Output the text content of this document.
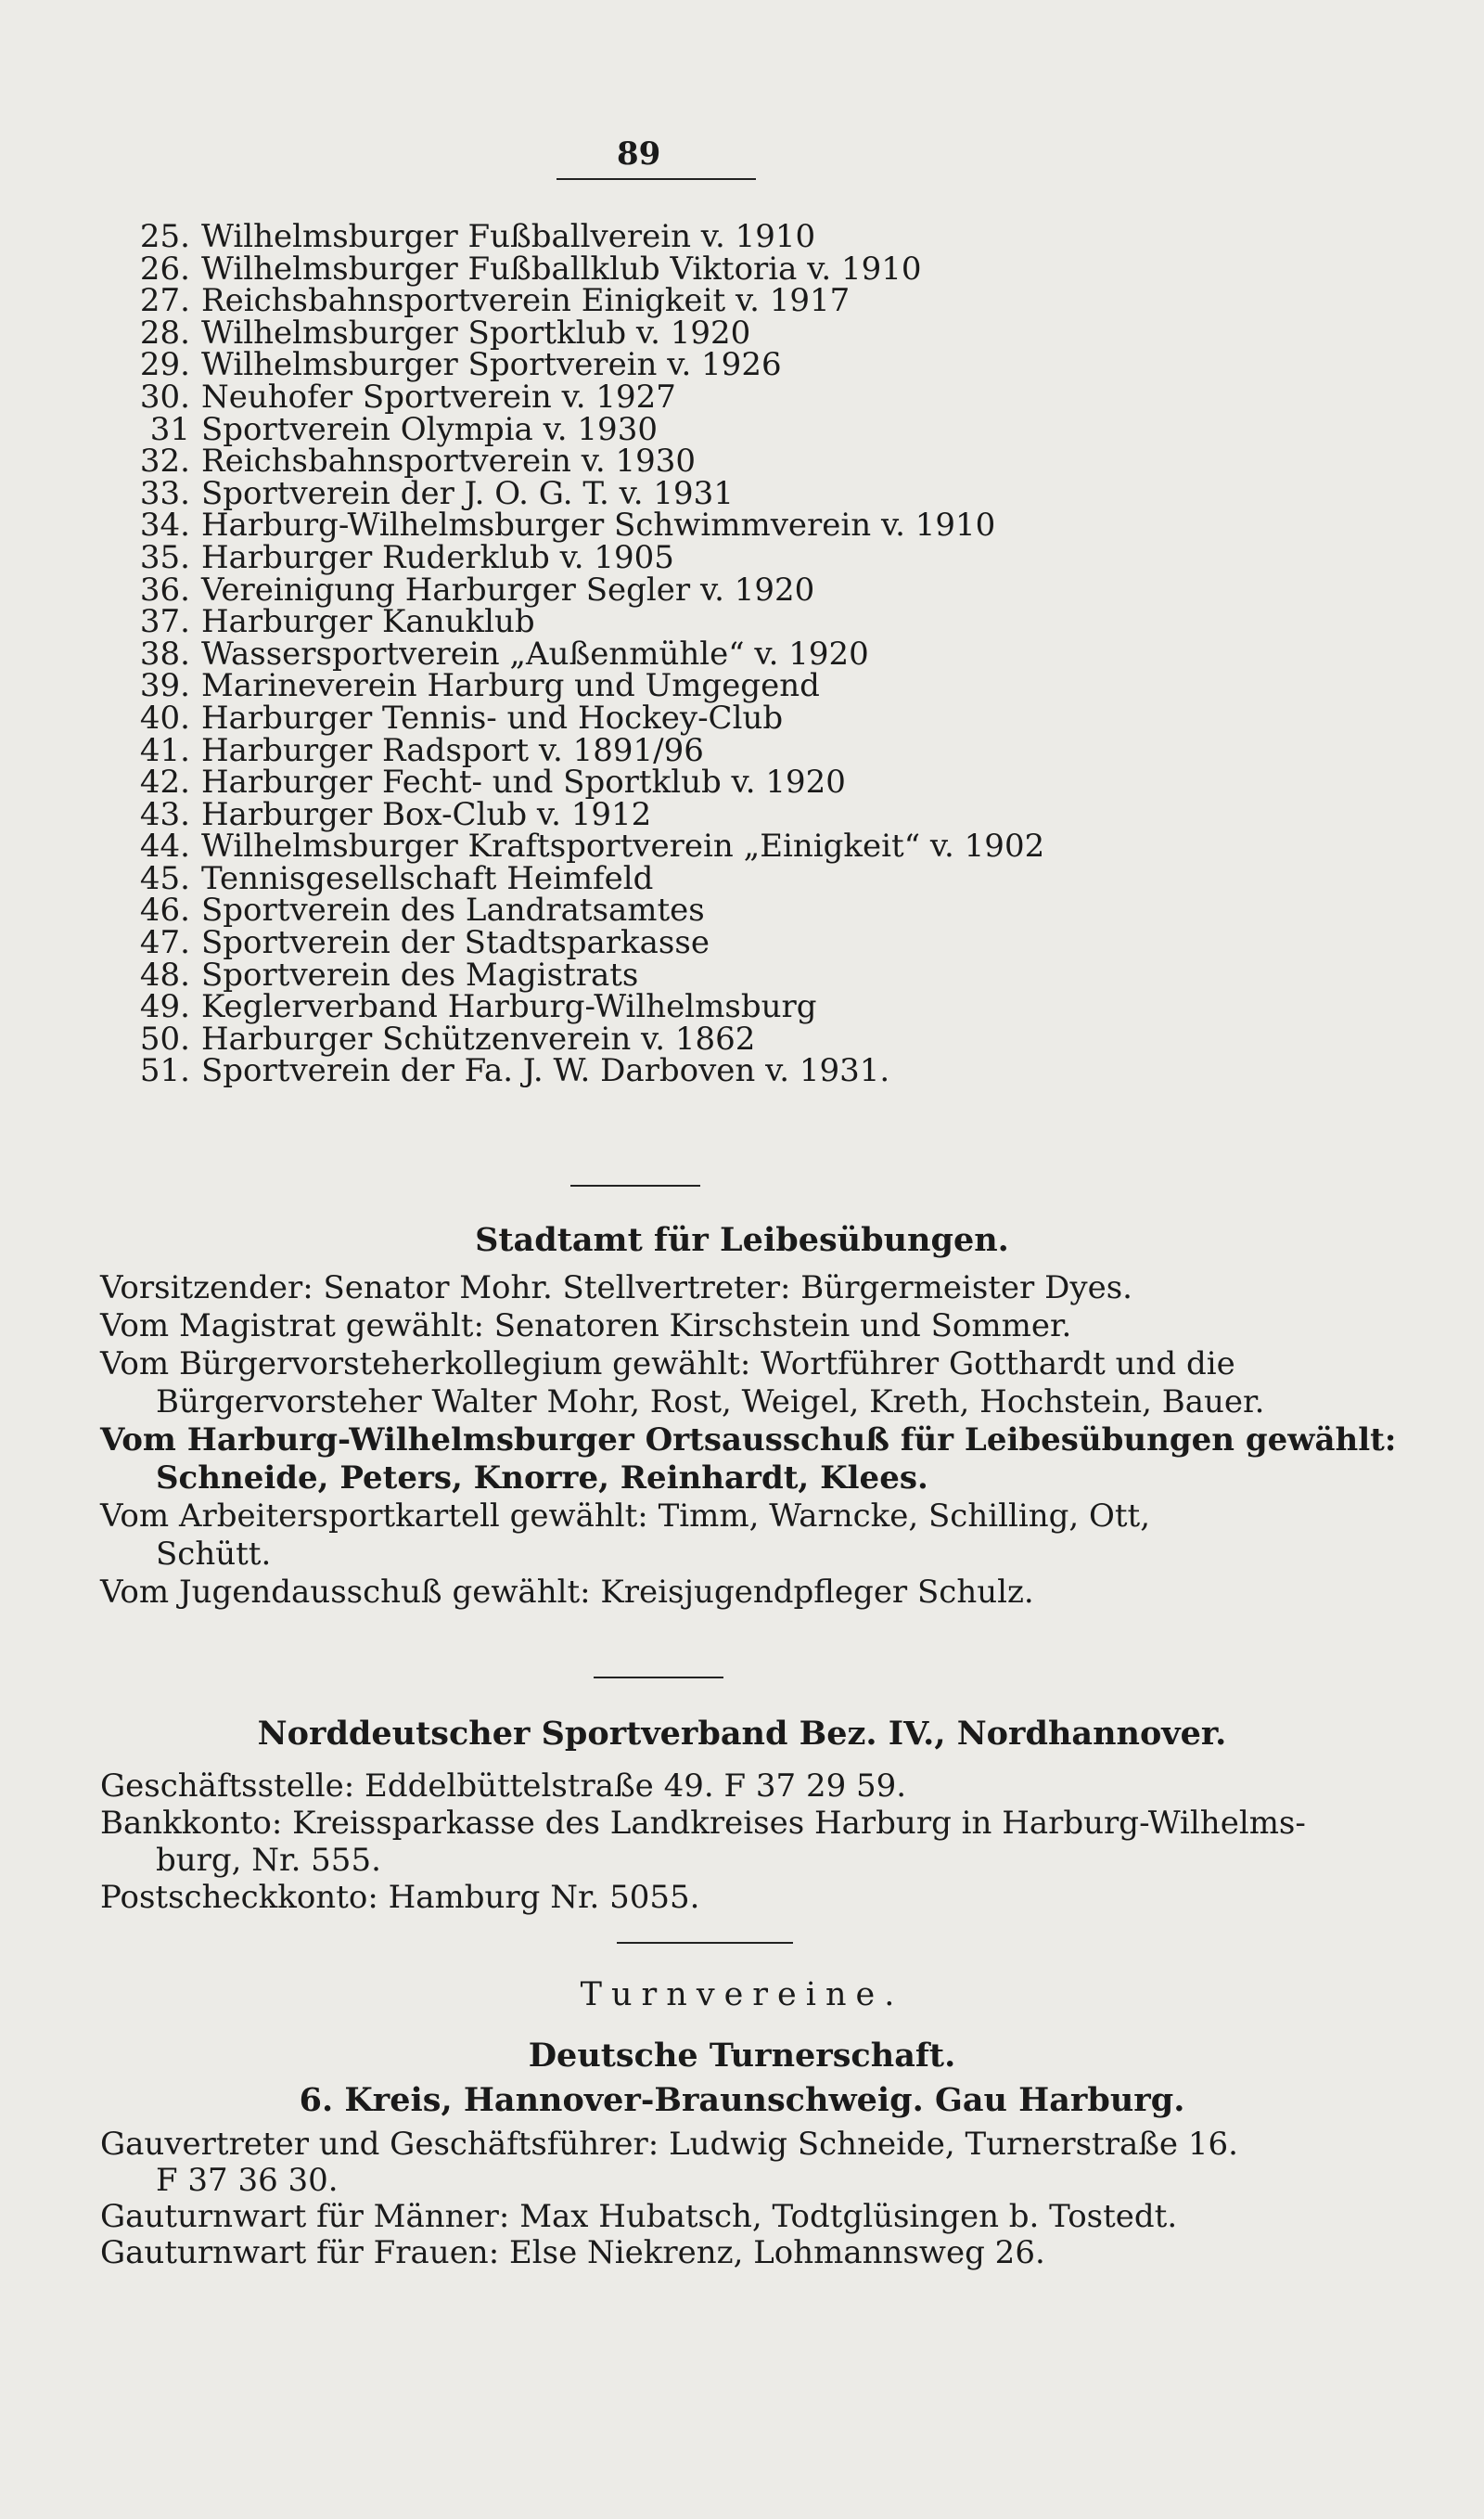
89
25. Wilhelmsburger Fußballverein v. 1910
26. Wilhelmsburger Fußballklub Viktoria v. 1910
27. Reichsbahnsportverein Einigkeit v. 1917
28. Wilhelmsburger Sportklub v. 1920
29. Wilhelmsburger Sportverein v. 1926
30. Neuhofer Sportverein v. 1927
31 Sportverein Olympia v. 1930
32. Reichsbahnsportverein v. 1930
33. Sportverein der J. O. G. T. v. 1931
34. Harburg-Wilhelmsburger Schwimmverein v. 1910
35. Harburger Ruderklub v. 1905
36. Vereinigung Harburger Segler v. 1920
37. Harburger Kanuklub
38. Wassersportverein „Außenmühle“ v. 1920
39. Marineverein Harburg und Umgegend
40. Harburger Tennis- und Hockey-Club
41. Harburger Radsport v. 1891/96
42. Harburger Fecht- und Sportklub v. 1920
43. Harburger Box-Club v. 1912
44. Wilhelmsburger Kraftsportverein „Einigkeit“ v. 1902
45. Tennisgesellschaft Heimfeld
46. Sportverein des Landratsamtes
47. Sportverein der Stadtsparkasse
48. Sportverein des Magistrats
49. Keglerverband Harburg-Wilhelmsburg
50. Harburger Schützenverein v. 1862
51. Sportverein der Fa. J. W. Darboven v. 1931.
Stadtamt für Leibesübungen.
Vorsitzender: Senator Mohr. Stellvertreter: Bürgermeister Dyes.
Vom Magistrat gewählt: Senatoren Kirschstein und Sommer.
Vom Bürgervorsteherkollegium gewählt: Wortführer Gotthardt und die
Bürgervorsteher Walter Mohr, Rost, Weigel, Kreth, Hochstein, Bauer.
Vom Harburg-Wilhelmsburger Ortsausschuß für Leibesübungen gewählt:
Schneide, Peters, Knorre, Reinhardt, Klees.
Vom Arbeitersportkartell gewählt: Timm, Warncke, Schilling, Ott,
Schütt.
Vom Jugendausschuß gewählt: Kreisjugendpfleger Schulz.
Norddeutscher Sportverband Bez. IV., Nordhannover.
Geschäftsstelle: Eddelbüttelstraße 49. F 37 29 59.
Bankkonto: Kreissparkasse des Landkreises Harburg in Harburg-Wilhelms-
burg, Nr. 555.
Postscheckkonto: Hamburg Nr. 5055.
Turnvereine.
Deutsche Turnerschaft.
6. Kreis, Hannover-Braunschweig. Gau Harburg.
Gauvertreter und Geschäftsführer: Ludwig Schneide, Turnerstraße 16.
F 37 36 30.
Gauturnwart für Männer: Max Hubatsch, Todtglüsingen b. Tostedt.
Gauturnwart für Frauen: Else Niekrenz, Lohmannsweg 26.
